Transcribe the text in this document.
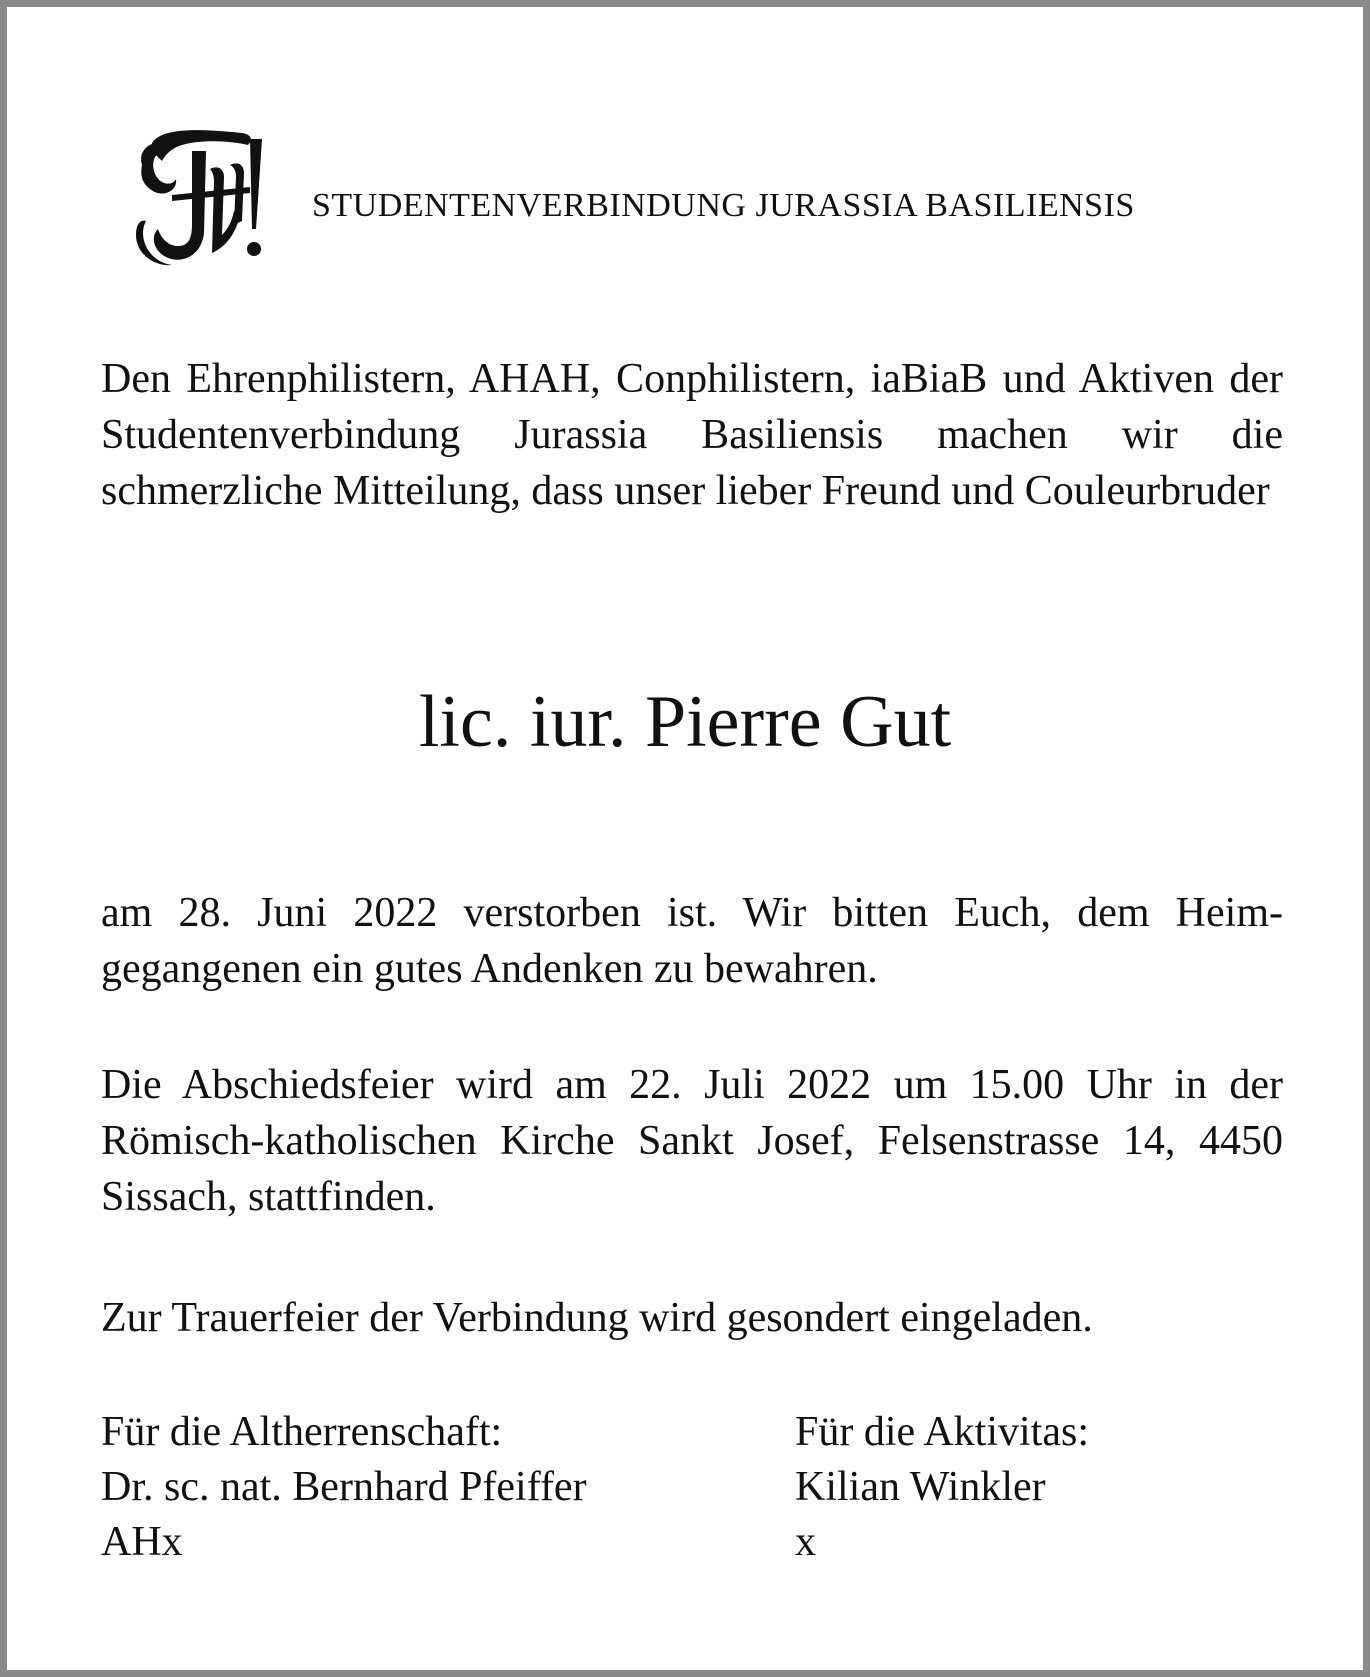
STUDENTENVERBINDUNG JURASSIA BASILIENSIS
Den Ehrenphilistern, AHAH, Conphilistern, iaBiaB und Aktiven der Studentenverbindung Jurassia Basiliensis machen wir die schmerzliche Mitteilung, dass unser lieber Freund und Couleurbruder
lic. iur. Pierre Gut
am 28. Juni 2022 verstorben ist. Wir bitten Euch, dem Heimgegangenen ein gutes Andenken zu bewahren.
Die Abschiedsfeier wird am 22. Juli 2022 um 15.00 Uhr in der Römisch-katholischen Kirche Sankt Josef, Felsenstrasse 14, 4450 Sissach, stattfinden.
Zur Trauerfeier der Verbindung wird gesondert eingeladen.
Für die Altherrenschaft:
Dr. sc. nat. Bernhard Pfeiffer
AHx
Für die Aktivitas:
Kilian Winkler
x
